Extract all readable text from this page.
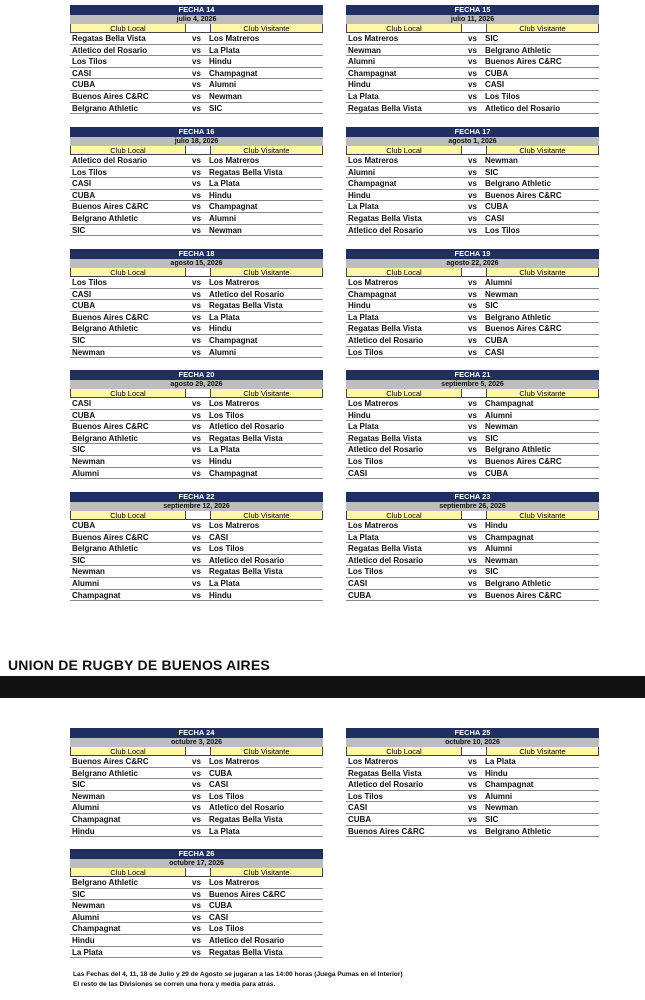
FECHA 14
julio 4, 2026
Club Local	Club Visitante
Regatas Bella Vista	vs	Los Matreros
Atletico del Rosario	vs	La Plata
Los Tilos	vs	Hindu
CASI	vs	Champagnat
CUBA	vs	Alumni
Buenos Aires C&RC	vs	Newman
Belgrano Athletic	vs	SIC
FECHA 15
julio 11, 2026
Club Local	Club Visitante
Los Matreros	vs	SIC
Newman	vs	Belgrano Athletic
Alumni	vs	Buenos Aires C&RC
Champagnat	vs	CUBA
Hindu	vs	CASI
La Plata	vs	Los Tilos
Regatas Bella Vista	vs	Atletico del Rosario
FECHA 16
julio 18, 2026
Club Local	Club Visitante
Atletico del Rosario	vs	Los Matreros
Los Tilos	vs	Regatas Bella Vista
CASI	vs	La Plata
CUBA	vs	Hindu
Buenos Aires C&RC	vs	Champagnat
Belgrano Athletic	vs	Alumni
SIC	vs	Newman
FECHA 17
agosto 1, 2026
Club Local	Club Visitante
Los Matreros	vs	Newman
Alumni	vs	SIC
Champagnat	vs	Belgrano Athletic
Hindu	vs	Buenos Aires C&RC
La Plata	vs	CUBA
Regatas Bella Vista	vs	CASI
Atletico del Rosario	vs	Los Tilos
FECHA 18
agosto 15, 2026
Club Local	Club Visitante
Los Tilos	vs	Los Matreros
CASI	vs	Atletico del Rosario
CUBA	vs	Regatas Bella Vista
Buenos Aires C&RC	vs	La Plata
Belgrano Athletic	vs	Hindu
SIC	vs	Champagnat
Newman	vs	Alumni
FECHA 19
agosto 22, 2026
Club Local	Club Visitante
Los Matreros	vs	Alumni
Champagnat	vs	Newman
Hindu	vs	SIC
La Plata	vs	Belgrano Athletic
Regatas Bella Vista	vs	Buenos Aires C&RC
Atletico del Rosario	vs	CUBA
Los Tilos	vs	CASI
FECHA 20
agosto 29, 2026
Club Local	Club Visitante
CASI	vs	Los Matreros
CUBA	vs	Los Tilos
Buenos Aires C&RC	vs	Atletico del Rosario
Belgrano Athletic	vs	Regatas Bella Vista
SIC	vs	La Plata
Newman	vs	Hindu
Alumni	vs	Champagnat
FECHA 21
septiembre 5, 2026
Club Local	Club Visitante
Los Matreros	vs	Champagnat
Hindu	vs	Alumni
La Plata	vs	Newman
Regatas Bella Vista	vs	SIC
Atletico del Rosario	vs	Belgrano Athletic
Los Tilos	vs	Buenos Aires C&RC
CASI	vs	CUBA
FECHA 22
septiembre 12, 2026
Club Local	Club Visitante
CUBA	vs	Los Matreros
Buenos Aires C&RC	vs	CASI
Belgrano Athletic	vs	Los Tilos
SIC	vs	Atletico del Rosario
Newman	vs	Regatas Bella Vista
Alumni	vs	La Plata
Champagnat	vs	Hindu
FECHA 23
septiembre 26, 2026
Club Local	Club Visitante
Los Matreros	vs	Hindu
La Plata	vs	Champagnat
Regatas Bella Vista	vs	Alumni
Atletico del Rosario	vs	Newman
Los Tilos	vs	SIC
CASI	vs	Belgrano Athletic
CUBA	vs	Buenos Aires C&RC
FECHA 24
octubre 3, 2026
Club Local	Club Visitante
Buenos Aires C&RC	vs	Los Matreros
Belgrano Athletic	vs	CUBA
SIC	vs	CASI
Newman	vs	Los Tilos
Alumni	vs	Atletico del Rosario
Champagnat	vs	Regatas Bella Vista
Hindu	vs	La Plata
FECHA 25
octubre 10, 2026
Club Local	Club Visitante
Los Matreros	vs	La Plata
Regatas Bella Vista	vs	Hindu
Atletico del Rosario	vs	Champagnat
Los Tilos	vs	Alumni
CASI	vs	Newman
CUBA	vs	SIC
Buenos Aires C&RC	vs	Belgrano Athletic
FECHA 26
octubre 17, 2026
Club Local	Club Visitante
Belgrano Athletic	vs	Los Matreros
SIC	vs	Buenos Aires C&RC
Newman	vs	CUBA
Alumni	vs	CASI
Champagnat	vs	Los Tilos
Hindu	vs	Atletico del Rosario
La Plata	vs	Regatas Bella Vista
UNION DE RUGBY DE BUENOS AIRES
Las Fechas del 4, 11, 18 de Julio y 29 de Agosto se jugaran a las 14:00 horas (Juega Pumas en el Interior)
El resto de las Divisiones se corren una hora y media para atrás.
